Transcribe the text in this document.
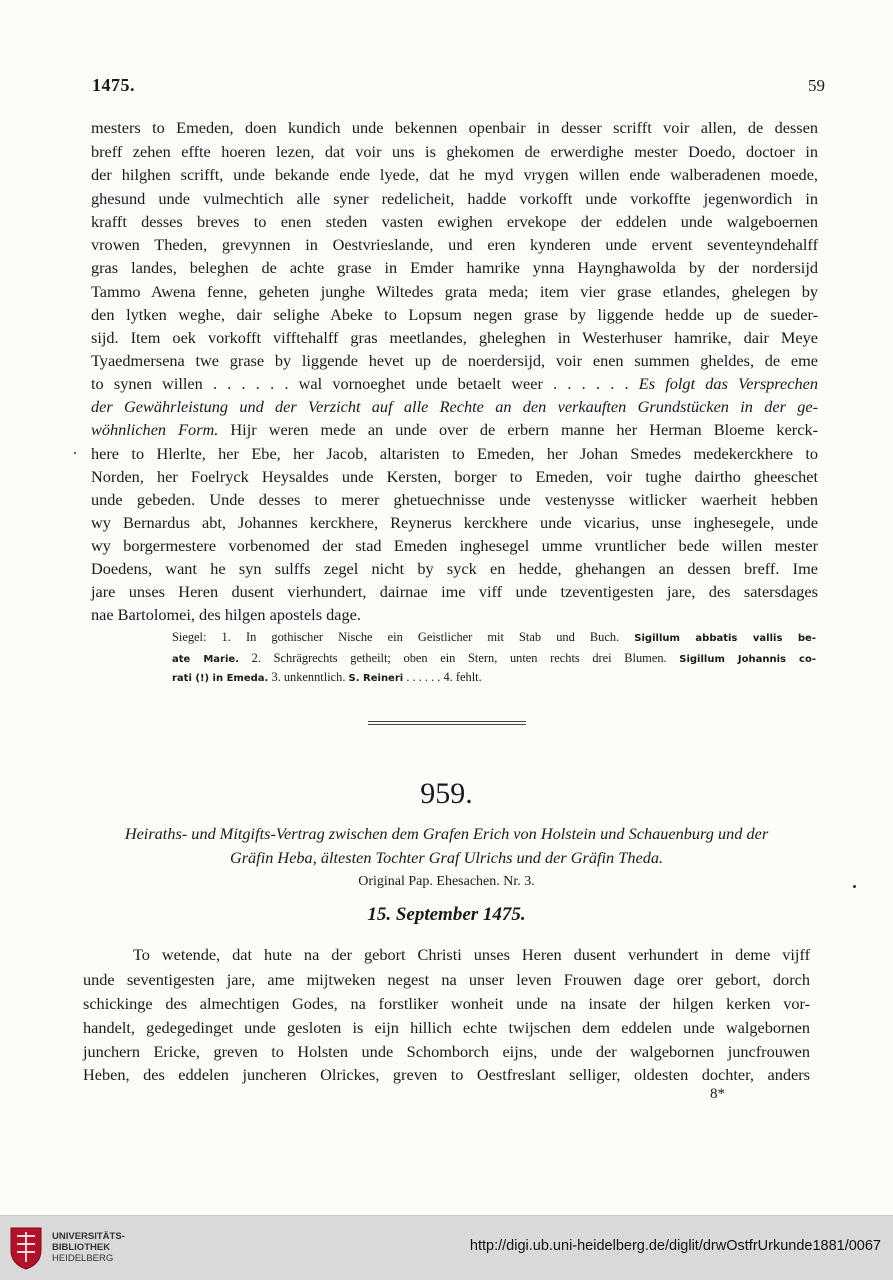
1475.	59
mesters to Emeden, doen kundich unde bekennen openbair in desser scrifft voir allen, de dessen
breff zehen effte hoeren lezen, dat voir uns is ghekomen de erwerdighe mester Doedo, doctoer in
der hilghen scrifft, unde bekande ende lyede, dat he myd vrygen willen ende walberadenen moede,
ghesund unde vulmechtich alle syner redelicheit, hadde vorkofft unde vorkoffte jegenwordich in
krafft desses breves to enen steden vasten ewighen ervekope der eddelen unde walgeboernen
vrowen Theden, grevynnen in Oestvrieslande, und eren kynderen unde ervent seventeyndehalff
gras landes, beleghen de achte grase in Emder hamrike ynna Haynghawolda by der nordersijd
Tammo Awena fenne, geheten junghe Wiltedes grata meda; item vier grase etlandes, ghelegen by
den lytken weghe, dair selighe Abeke to Lopsum negen grase by liggende hedde up de sueder-
sijd. Item oek vorkofft vifftehalff gras meetlandes, gheleghen in Westerhuser hamrike, dair Meye
Tyaedmersena twe grase by liggende hevet up de noerdersijd, voir enen summen gheldes, de eme
to synen willen . . . . . . wal vornoeghet unde betaelt weer . . . . . . Es folgt das Versprechen
der Gewährleistung und der Verzicht auf alle Rechte an den verkauften Grundstücken in der ge-
wöhnlichen Form. Hijr weren mede an unde over de erbern manne her Herman Bloeme kerck-
here to Hlerlte, her Ebe, her Jacob, altaristen to Emeden, her Johan Smedes medekerckhere to
Norden, her Foelryck Heysaldes unde Kersten, borger to Emeden, voir tughe dairtho gheeschet
unde gebeden. Unde desses to merer ghetuechnisse unde vestenysse witlicker waerheit hebben
wy Bernardus abt, Johannes kerckhere, Reynerus kerckhere unde vicarius, unse inghesegele, unde
wy borgermestere vorbenomed der stad Emeden inghesegel umme vruntlicher bede willen mester
Doedens, want he syn sulffs zegel nicht by syck en hedde, ghehangen an dessen breff. Ime
jare unses Heren dusent vierhundert, dairnae ime viff unde tzeventigesten jare, des satersdages
nae Bartolomei, des hilgen apostels dage.
Siegel: 1. In gothischer Nische ein Geistlicher mit Stab und Buch. Sigillum abbatis vallis be-
ate Marie. 2. Schrägrechts getheilt; oben ein Stern, unten rechts drei Blumen. Sigillum Johannis co-
rati (!) in Emeda. 3. unkenntlich. S. Reineri . . . . . . 4. fehlt.
959.
Heiraths- und Mitgifts-Vertrag zwischen dem Grafen Erich von Holstein und Schauenburg und der
Gräfin Heba, ältesten Tochter Graf Ulrichs und der Gräfin Theda.
Original Pap. Ehesachen. Nr. 3.
15. September 1475.
To wetende, dat hute na der gebort Christi unses Heren dusent verhundert in deme vijff
unde seventigesten jare, ame mijtweken negest na unser leven Frouwen dage orer gebort, dorch
schickinge des almechtigen Godes, na forstliker wonheit unde na insate der hilgen kerken vor-
handelt, gedegedinget unde gesloten is eijn hillich echte twijschen dem eddelen unde walgebornen
junchern Ericke, greven to Holsten unde Schomborch eijns, unde der walgebornen juncfrouwen
Heben, des eddelen juncheren Olrickes, greven to Oestfreslant selliger, oldesten dochter, anders
8*
UNIVERSITÄTS-
BIBLIOTHEK
HEIDELBERG
http://digi.ub.uni-heidelberg.de/diglit/drwOstfrUrkunde1881/0067
